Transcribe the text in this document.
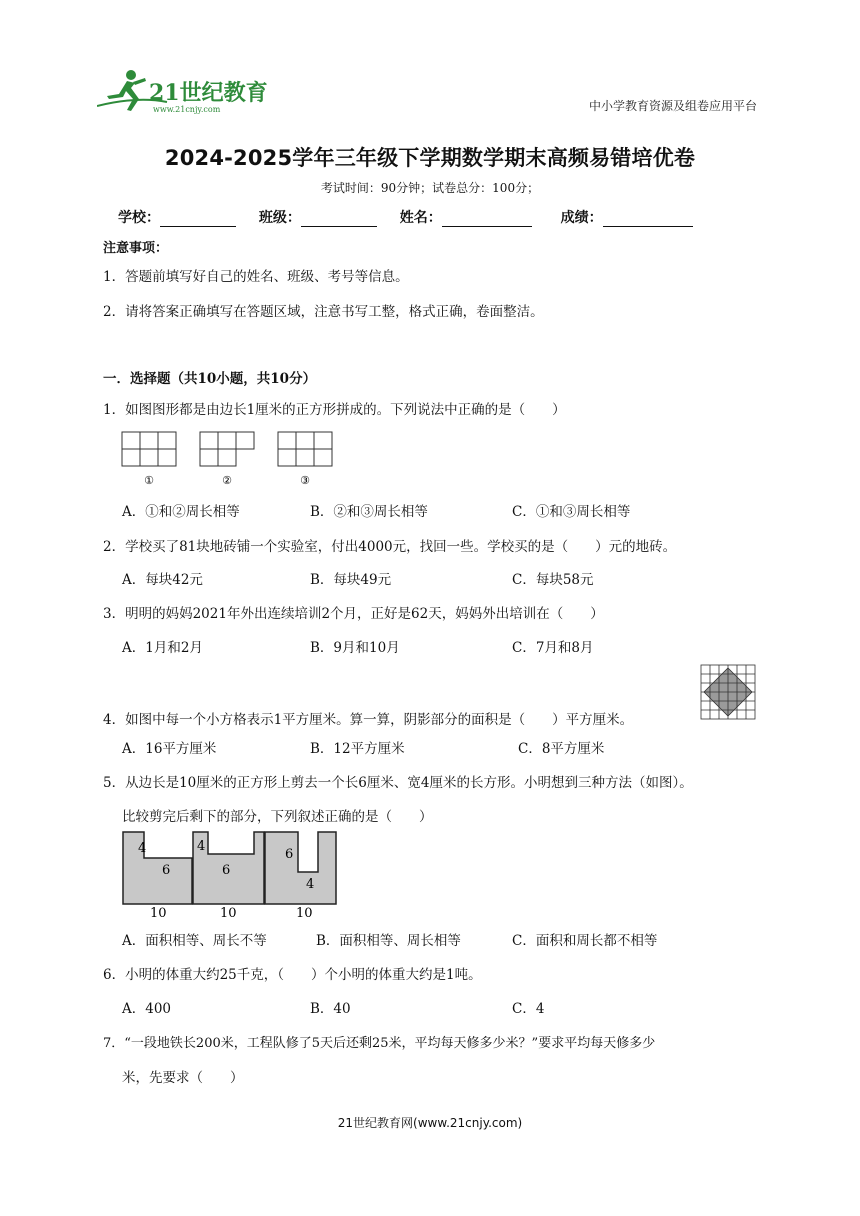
21世纪教育
www.21cnjy.com	中小学教育资源及组卷应用平台
2024-2025学年三年级下学期数学期末高频易错培优卷
考试时间：90分钟；试卷总分：100分；
学校：	班级：	姓名：	成绩：
注意事项：
1．答题前填写好自己的姓名、班级、考号等信息。
2．请将答案正确填写在答题区域，注意书写工整，格式正确，卷面整洁。
一．选择题（共10小题，共10分）
1．如图图形都是由边长1厘米的正方形拼成的。下列说法中正确的是（　　）
①	②	③
A．①和②周长相等	B．②和③周长相等	C．①和③周长相等
2．学校买了81块地砖铺一个实验室，付出4000元，找回一些。学校买的是（　　）元的地砖。
A．每块42元	B．每块49元	C．每块58元
3．明明的妈妈2021年外出连续培训2个月，正好是62天，妈妈外出培训在（　　）
A．1月和2月	B．9月和10月	C．7月和8月
4．如图中每一个小方格表示1平方厘米。算一算，阴影部分的面积是（　　）平方厘米。
A．16平方厘米	B．12平方厘米	C．8平方厘米
5．从边长是10厘米的正方形上剪去一个长6厘米、宽4厘米的长方形。小明想到三种方法（如图）。
比较剪完后剩下的部分，下列叙述正确的是（　　）
4
6
10
4
6
10
6
4
10
A．面积相等、周长不等	B．面积相等、周长相等	C．面积和周长都不相等
6．小明的体重大约25千克，（　　）个小明的体重大约是1吨。
A．400	B．40	C．4
7．“一段地铁长200米，工程队修了5天后还剩25米，平均每天修多少米？”要求平均每天修多少
米，先要求（　　）
21世纪教育网(www.21cnjy.com)
